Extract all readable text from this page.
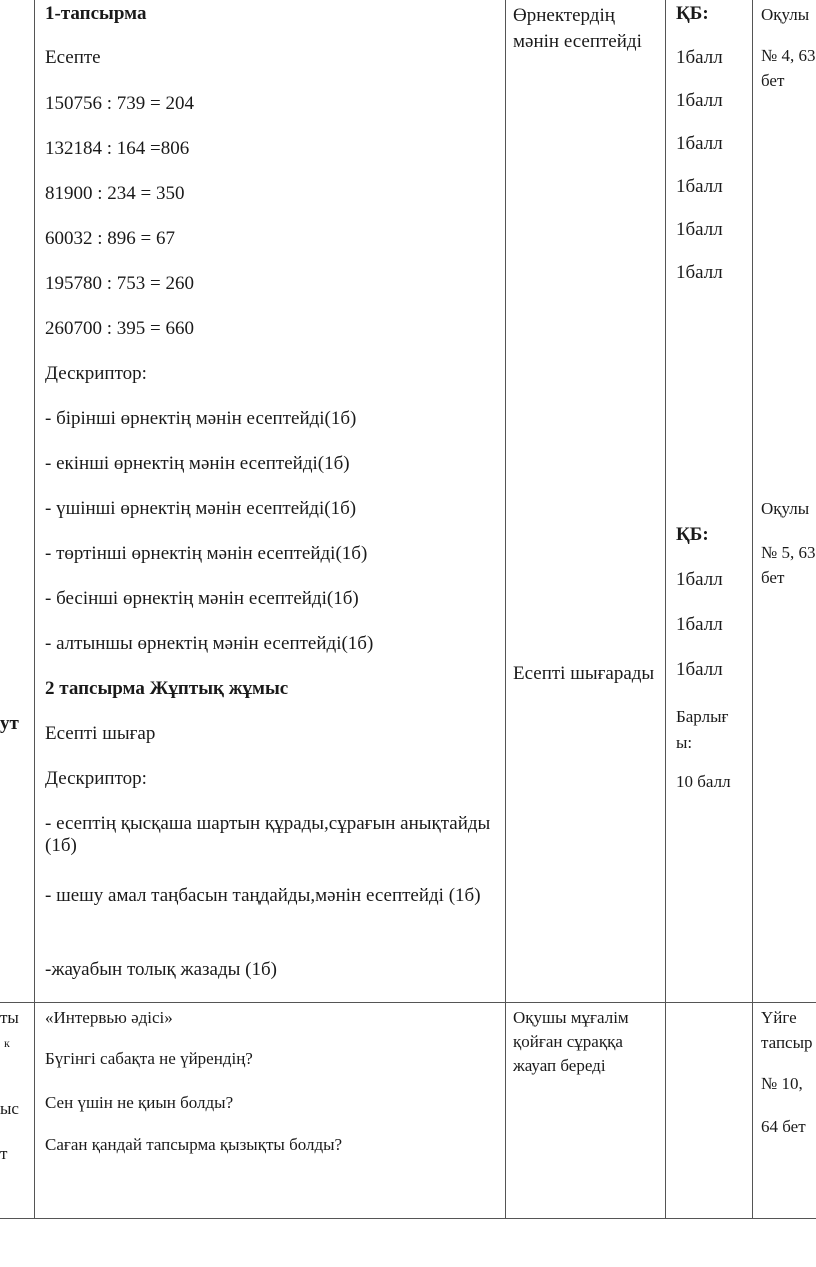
ут
1-тапсырма
Есепте
150756 : 739 = 204
132184 : 164 =806
81900 : 234 = 350
60032 : 896 = 67
195780 : 753 = 260
260700 : 395 = 660
Дескриптор:
- бірінші өрнектің мәнін есептейді(1б)
- екінші өрнектің мәнін есептейді(1б)
- үшінші өрнектің мәнін есептейді(1б)
- төртінші өрнектің мәнін есептейді(1б)
- бесінші өрнектің мәнін есептейді(1б)
- алтыншы өрнектің мәнін есептейді(1б)
2 тапсырма Жұптық жұмыс
Есепті шығар
Дескриптор:
- есептің қысқаша шартын құрады,сұрағын анықтайды (1б)
- шешу амал таңбасын таңдайды,мәнін есептейді (1б)
-жауабын толық жазады (1б)
Өрнектердің мәнін есептейді
Есепті шығарады
ҚБ:
1балл
1балл
1балл
1балл
1балл
1балл
ҚБ:
1балл
1балл
1балл
Барлығы:
10 балл
Оқулы
№ 4, 63
бет
Оқулы
№ 5, 63
бет
ты
к
ыс
т
«Интервью әдісі»
Бүгінгі сабақта не үйрендің?
Сен үшін не қиын болды?
Саған қандай тапсырма қызықты болды?
Оқушы мұғалім қойған сұраққа жауап береді
Үйге
тапсыр
№ 10,
64 бет
